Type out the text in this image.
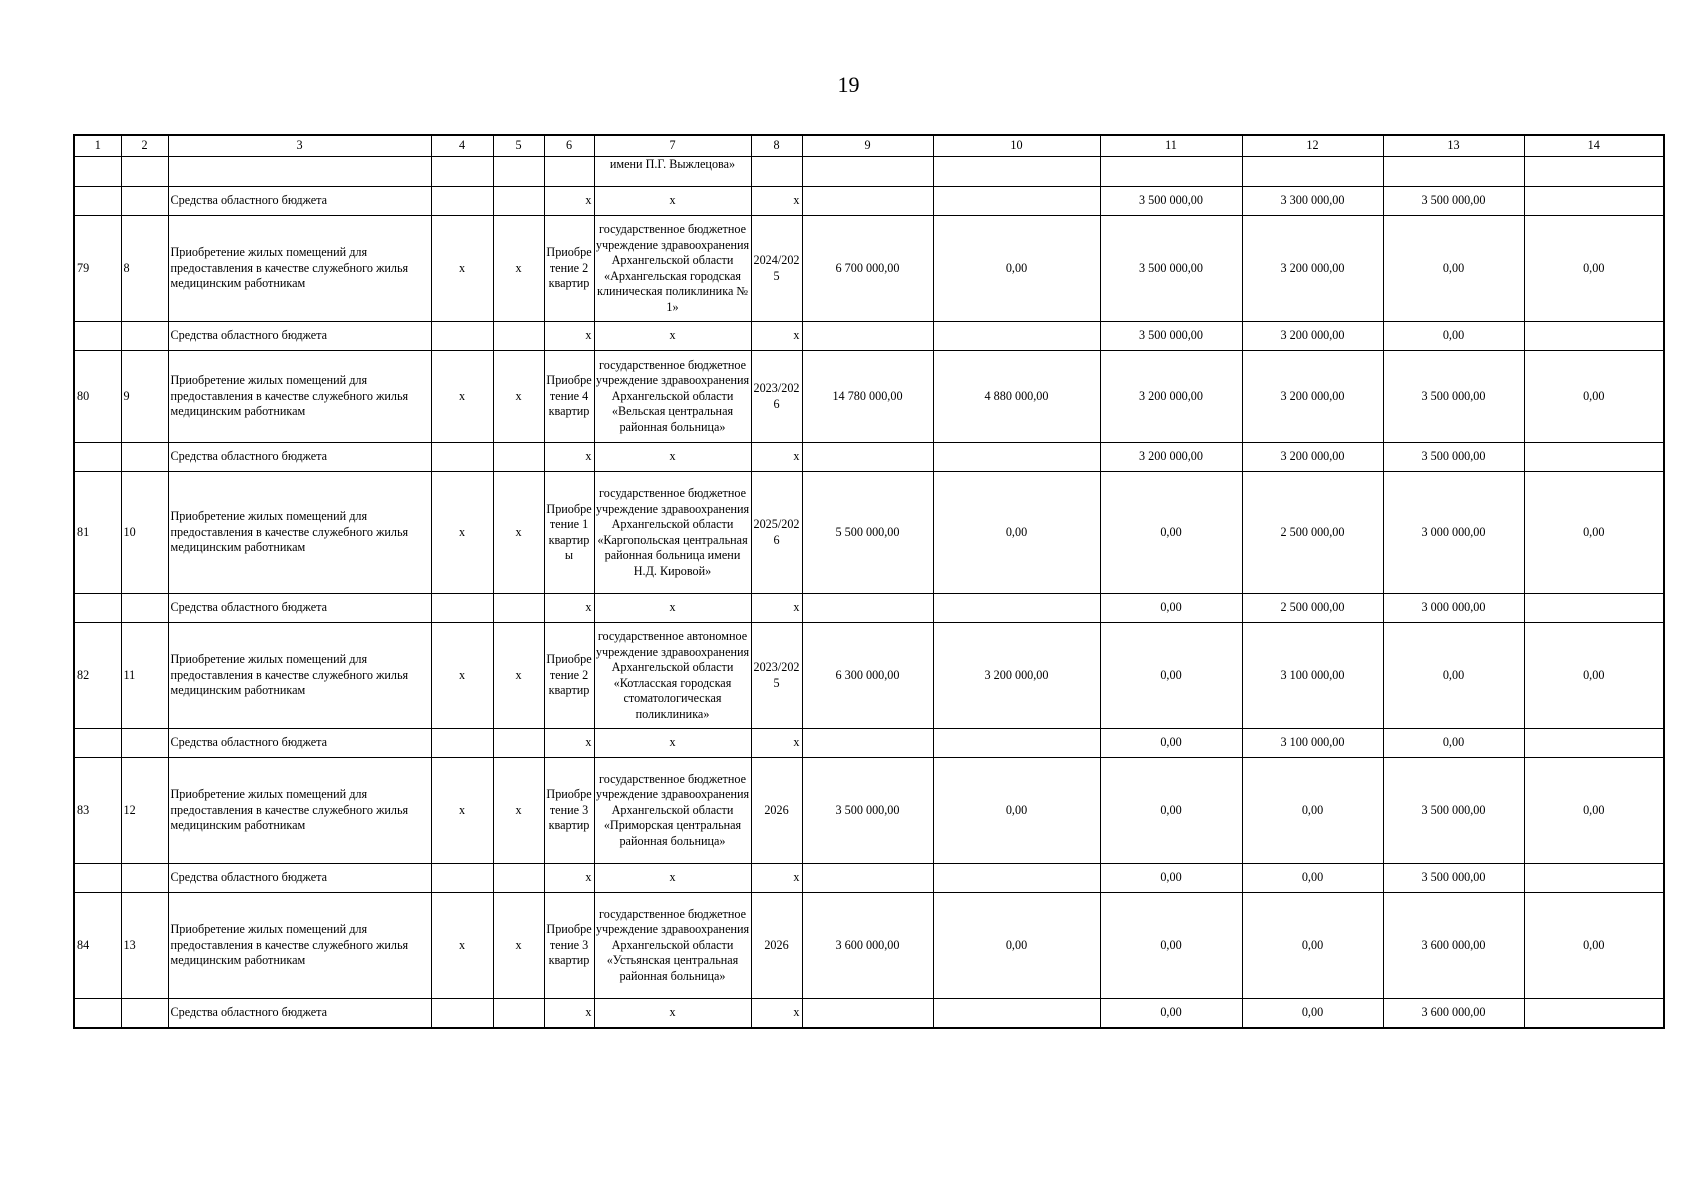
19
1	2	3	4	5	6	7	8	9	10	11	12	13	14
						имени П.Г. Выжлецова»							
		Средства областного бюджета			х	х	х			3 500 000,00	3 300 000,00	3 500 000,00	
79	8	Приобретение жилых помещений для предоставления в качестве служебного жилья медицинским работникам	х	х	Приобретение 2 квартир	государственное бюджетное учреждение здравоохранения Архангельской области «Архангельская городская клиническая поликлиника № 1»	2024/2025	6 700 000,00	0,00	3 500 000,00	3 200 000,00	0,00	0,00
		Средства областного бюджета			х	х	х			3 500 000,00	3 200 000,00	0,00	
80	9	Приобретение жилых помещений для предоставления в качестве служебного жилья медицинским работникам	х	х	Приобретение 4 квартир	государственное бюджетное учреждение здравоохранения Архангельской области «Вельская центральная районная больница»	2023/2026	14 780 000,00	4 880 000,00	3 200 000,00	3 200 000,00	3 500 000,00	0,00
		Средства областного бюджета			х	х	х			3 200 000,00	3 200 000,00	3 500 000,00	
81	10	Приобретение жилых помещений для предоставления в качестве служебного жилья медицинским работникам	х	х	Приобретение 1 квартиры	государственное бюджетное учреждение здравоохранения Архангельской области «Каргопольская центральная районная больница имени Н.Д. Кировой»	2025/2026	5 500 000,00	0,00	0,00	2 500 000,00	3 000 000,00	0,00
		Средства областного бюджета			х	х	х			0,00	2 500 000,00	3 000 000,00	
82	11	Приобретение жилых помещений для предоставления в качестве служебного жилья медицинским работникам	х	х	Приобретение 2 квартир	государственное автономное учреждение здравоохранения Архангельской области «Котласская городская стоматологическая поликлиника»	2023/2025	6 300 000,00	3 200 000,00	0,00	3 100 000,00	0,00	0,00
		Средства областного бюджета			х	х	х			0,00	3 100 000,00	0,00	
83	12	Приобретение жилых помещений для предоставления в качестве служебного жилья медицинским работникам	х	х	Приобретение 3 квартир	государственное бюджетное учреждение здравоохранения Архангельской области «Приморская центральная районная больница»	2026	3 500 000,00	0,00	0,00	0,00	3 500 000,00	0,00
		Средства областного бюджета			х	х	х			0,00	0,00	3 500 000,00	
84	13	Приобретение жилых помещений для предоставления в качестве служебного жилья медицинским работникам	х	х	Приобретение 3 квартир	государственное бюджетное учреждение здравоохранения Архангельской области «Устьянская центральная районная больница»	2026	3 600 000,00	0,00	0,00	0,00	3 600 000,00	0,00
		Средства областного бюджета			х	х	х			0,00	0,00	3 600 000,00	
